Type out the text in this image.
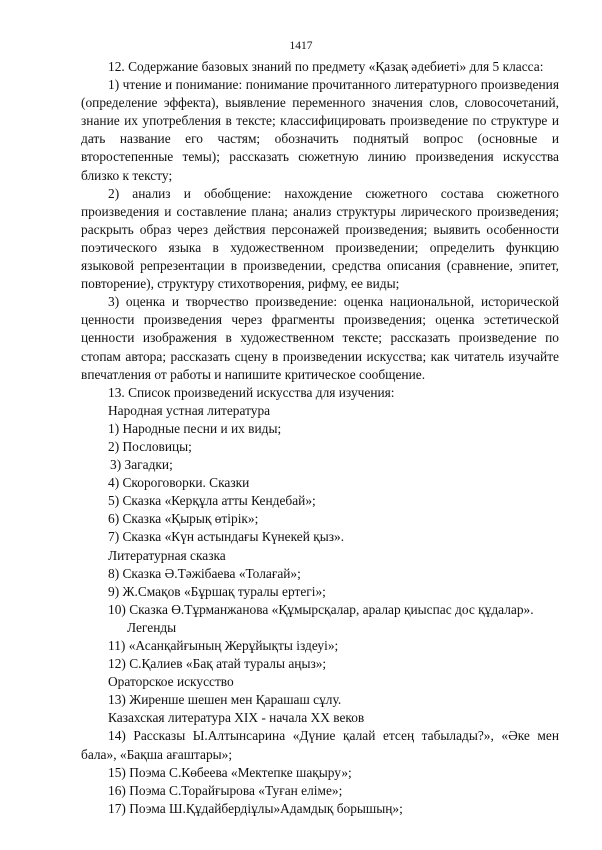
1417

12. Содержание базовых знаний по предмету «Қазақ әдебиеті» для 5 класса:

1) чтение и понимание: понимание прочитанного литературного произведения (определение эффекта), выявление переменного значения слов, словосочетаний, знание их употребления в тексте; классифицировать произведение по структуре и дать название его частям; обозначить поднятый вопрос (основные и второстепенные темы); рассказать сюжетную линию произведения искусства близко к тексту;

2) анализ и обобщение: нахождение сюжетного состава сюжетного произведения и составление плана; анализ структуры лирического произведения; раскрыть образ через действия персонажей произведения; выявить особенности поэтического языка в художественном произведении; определить функцию языковой репрезентации в произведении, средства описания (сравнение, эпитет, повторение), структуру стихотворения, рифму, ее виды;

3) оценка и творчество произведение: оценка национальной, исторической ценности произведения через фрагменты произведения; оценка эстетической ценности изображения в художественном тексте; рассказать произведение по стопам автора; рассказать сцену в произведении искусства; как читатель изучайте впечатления от работы и напишите критическое сообщение.

13. Список произведений искусства для изучения:

Народная устная литература

1) Народные песни и их виды;

2) Пословицы;

3) Загадки;

4) Скороговорки. Сказки

5) Сказка «Керқұла атты Кендебай»;

6) Сказка «Қырық өтірік»;

7) Сказка «Күн астындағы Күнекей қыз».

Литературная сказка

8) Сказка Ә.Тәжібаева «Толағай»;

9) Ж.Смақов «Бұршақ туралы ертегі»;

10) Сказка Ө.Тұрманжанова «Құмырсқалар, аралар қиыспас дос құдалар».

Легенды

11) «Асанқайғының Жерұйықты іздеуі»;

12) С.Қалиев «Бақ атай туралы аңыз»;

Ораторское искусство

13) Жиренше шешен мен Қарашаш сұлу.

Казахская литература XIX - начала XX веков

14) Рассказы Ы.Алтынсарина «Дүние қалай етсең табылады?», «Әке мен бала», «Бақша ағаштары»;

15) Поэма С.Көбеева «Мектепке шақыру»;

16) Поэма С.Торайғырова «Туған еліме»;

17) Поэма Ш.Құдайбердіұлы»Адамдық борышың»;
